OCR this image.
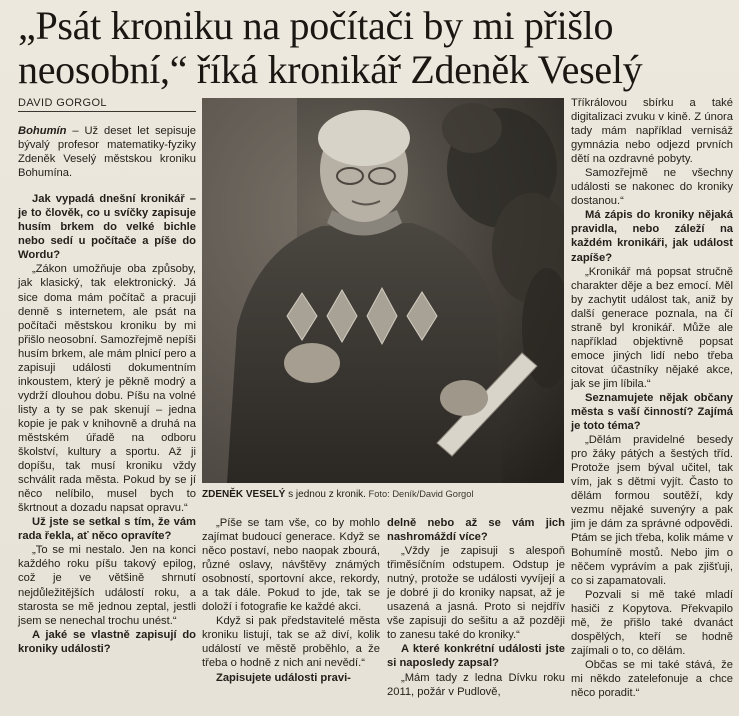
„Psát kroniku na počítači by mi přišlo
neosobní,“ říká kronikář Zdeněk Veselý
DAVID GORGOL

Bohumín – Už deset let sepisuje bývalý profesor matematiky-fyziky Zdeněk Veselý městskou kroniku Bohumína.

Jak vypadá dnešní kronikář – je to člověk, co u svíčky zapisuje husím brkem do velké bichle nebo sedí u počítače a píše do Wordu?

„Zákon umožňuje oba způsoby, jak klasický, tak elektronický. Já sice doma mám počítač a pracuji denně s internetem, ale psát na počítači městskou kroniku by mi přišlo neosobní. Samozřejmě nepíši husím brkem, ale mám plnicí pero a zapisuji události dokumentním inkoustem, který je pěkně modrý a vydrží dlouhou dobu. Píšu na volné listy a ty se pak skenují – jedna kopie je pak v knihovně a druhá na městském úřadě na odboru školství, kultury a sportu. Až ji dopíšu, tak musí kroniku vždy schválit rada města. Pokud by se jí něco nelíbilo, musel bych to škrtnout a dozadu napsat opravu.“

Už jste se setkal s tím, že vám rada řekla, ať něco opravíte?

„To se mi nestalo. Jen na konci každého roku píšu takový epilog, což je ve většině shrnutí nejdůležitějších událostí roku, a starosta se mě jednou zeptal, jestli jsem se nenechal trochu unést.“

A jaké se vlastně zapisují do kroniky události?

ZDENĚK VESELÝ s jednou z kronik. Foto: Deník/David Gorgol

„Píše se tam vše, co by mohlo zajímat budoucí generace. Když se něco postaví, nebo naopak zbourá, různé oslavy, návštěvy známých osobností, sportovní akce, rekordy, a tak dále. Pokud to jde, tak se doloží i fotografie ke každé akci.

Když si pak představitelé města kroniku listují, tak se až diví, kolik událostí ve městě proběhlo, a že třeba o hodně z nich ani nevědí.“

Zapisujete události pravi-

delně nebo až se vám jich nashromáždí více?

„Vždy je zapisuji s alespoň třiměsíčním odstupem. Odstup je nutný, protože se události vyvíjejí a je dobré ji do kroniky napsat, až je usazená a jasná. Proto si nejdřív vše zapisuji do sešitu a až později to zanesu také do kroniky.“

A které konkrétní události jste si naposledy zapsal?

„Mám tady z ledna Dívku roku 2011, požár v Pudlově,

Tříkrálovou sbírku a také digitalizaci zvuku v kině. Z února tady mám například vernisáž gymnázia nebo odjezd prvních dětí na ozdravné pobyty.

Samozřejmě ne všechny události se nakonec do kroniky dostanou.“

Má zápis do kroniky nějaká pravidla, nebo záleží na každém kronikáři, jak událost zapíše?

„Kronikář má popsat stručně charakter děje a bez emocí. Měl by zachytit událost tak, aniž by další generace poznala, na čí straně byl kronikář. Může ale například objektivně popsat emoce jiných lidí nebo třeba citovat účastníky nějaké akce, jak se jim líbila.“

Seznamujete nějak občany města s vaší činností? Zajímá je toto téma?

„Dělám pravidelné besedy pro žáky pátých a šestých tříd. Protože jsem býval učitel, tak vím, jak s dětmi vyjít. Často to dělám formou soutěží, kdy vezmu nějaké suvenýry a pak jim je dám za správné odpovědi. Ptám se jich třeba, kolik máme v Bohumíně mostů. Nebo jim o něčem vyprávím a pak zjišťuji, co si zapamatovali.

Pozvali si mě také mladí hasiči z Kopytova. Překvapilo mě, že přišlo také dvanáct dospělých, kteří se hodně zajímali o to, co dělám.

Občas se mi také stává, že mi někdo zatelefonuje a chce něco poradit.“
